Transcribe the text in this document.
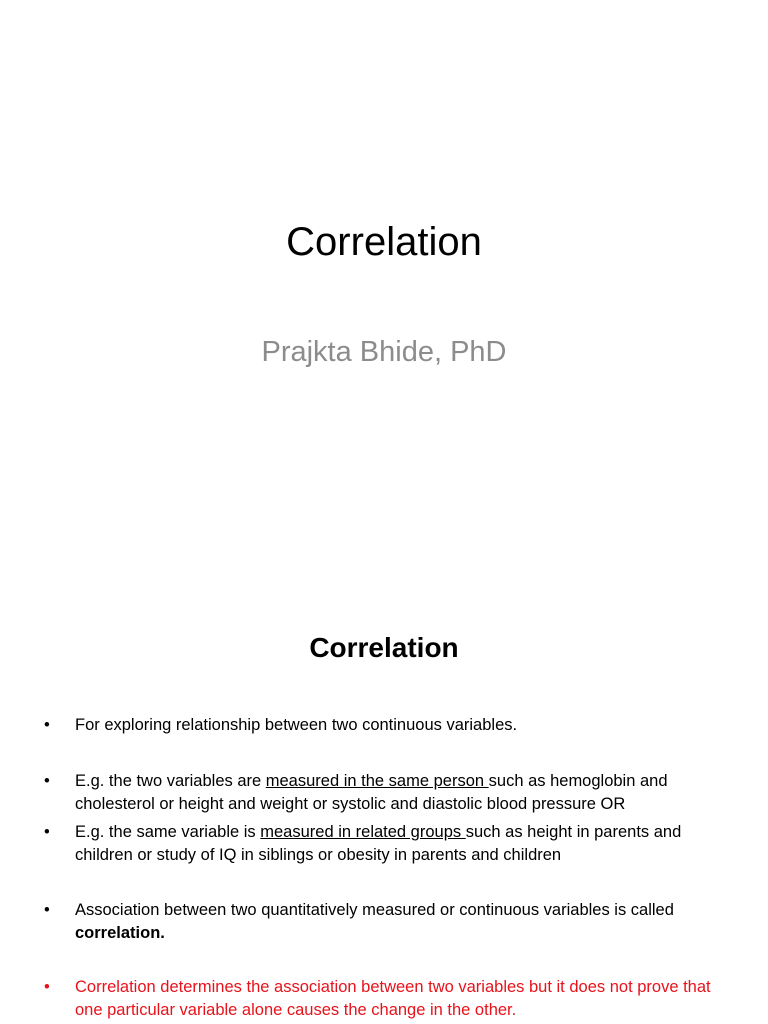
Correlation

Prajkta Bhide, PhD

Correlation
• For exploring relationship between two continuous variables.
• E.g. the two variables are measured in the same person such as hemoglobin and cholesterol or height and weight or systolic and diastolic blood pressure OR
• E.g. the same variable is measured in related groups such as height in parents and children or study of IQ in siblings or obesity in parents and children
• Association between two quantitatively measured or continuous variables is called correlation.
• Correlation determines the association between two variables but it does not prove that one particular variable alone causes the change in the other.
